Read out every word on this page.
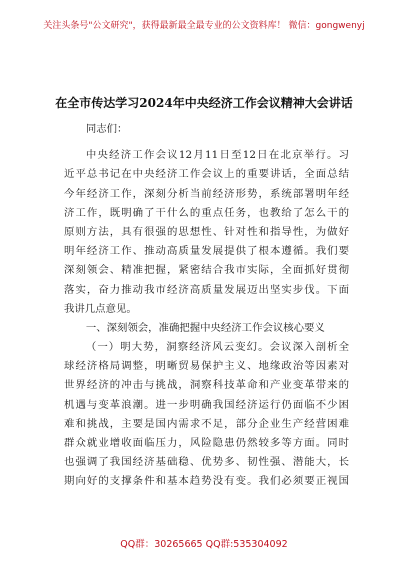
关注头条号"公文研究"，获得最新最全最专业的公文资料库！ 微信：gongwenyj
在全市传达学习2024年中央经济工作会议精神大会讲话
同志们：
中央经济工作会议12月11日至12日在北京举行。习
近平总书记在中央经济工作会议上的重要讲话，全面总结
今年经济工作，深刻分析当前经济形势，系统部署明年经
济工作，既明确了干什么的重点任务，也教给了怎么干的
原则方法，具有很强的思想性、针对性和指导性，为做好
明年经济工作、推动高质量发展提供了根本遵循。我们要
深刻领会、精准把握，紧密结合我市实际，全面抓好贯彻
落实，奋力推动我市经济高质量发展迈出坚实步伐。下面
我讲几点意见。
一、深刻领会，准确把握中央经济工作会议核心要义
（一）明大势，洞察经济风云变幻。会议深入剖析全
球经济格局调整，明晰贸易保护主义、地缘政治等因素对
世界经济的冲击与挑战，洞察科技革命和产业变革带来的
机遇与变革浪潮。进一步明确我国经济运行仍面临不少困
难和挑战，主要是国内需求不足，部分企业生产经营困难
群众就业增收面临压力，风险隐患仍然较多等方面。同时
也强调了我国经济基础稳、优势多、韧性强、潜能大，长
期向好的支撑条件和基本趋势没有变。我们必须要正视国
QQ群：30265665 QQ群:535304092
